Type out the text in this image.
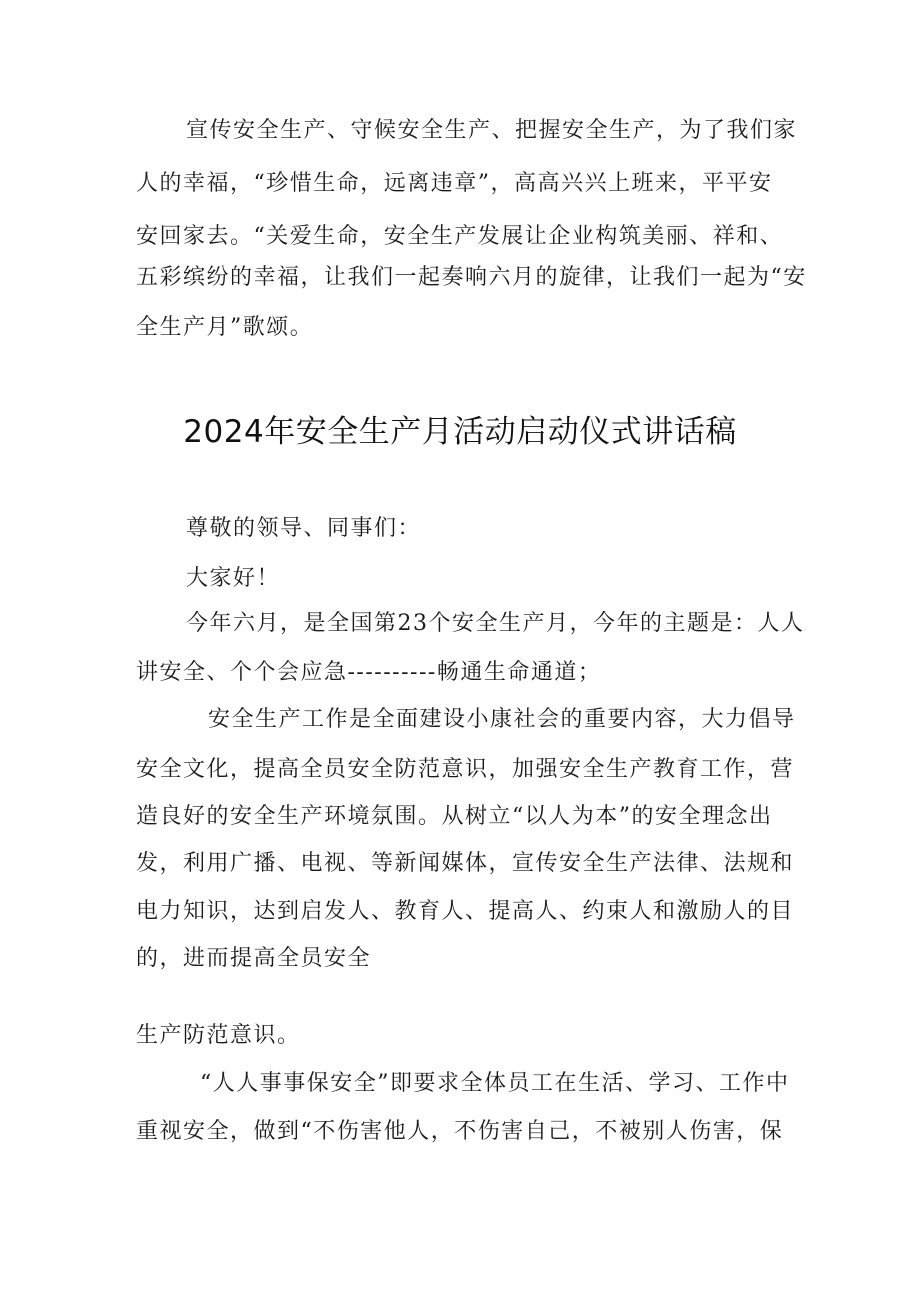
宣传安全生产、守候安全生产、把握安全生产，为了我们家
人的幸福，“珍惜生命，远离违章”，高高兴兴上班来，平平安
安回家去。“关爱生命，安全生产发展让企业构筑美丽、祥和、
五彩缤纷的幸福，让我们一起奏响六月的旋律，让我们一起为“安
全生产月”歌颂。
2024年安全生产月活动启动仪式讲话稿
尊敬的领导、同事们：
大家好！
今年六月，是全国第23个安全生产月，今年的主题是：人人
讲安全、个个会应急----------畅通生命通道；
安全生产工作是全面建设小康社会的重要内容，大力倡导
安全文化，提高全员安全防范意识，加强安全生产教育工作，营
造良好的安全生产环境氛围。从树立“以人为本”的安全理念出
发，利用广播、电视、等新闻媒体，宣传安全生产法律、法规和
电力知识，达到启发人、教育人、提高人、约束人和激励人的目
的，进而提高全员安全
生产防范意识。
“人人事事保安全”即要求全体员工在生活、学习、工作中
重视安全，做到“不伤害他人，不伤害自己，不被别人伤害，保
